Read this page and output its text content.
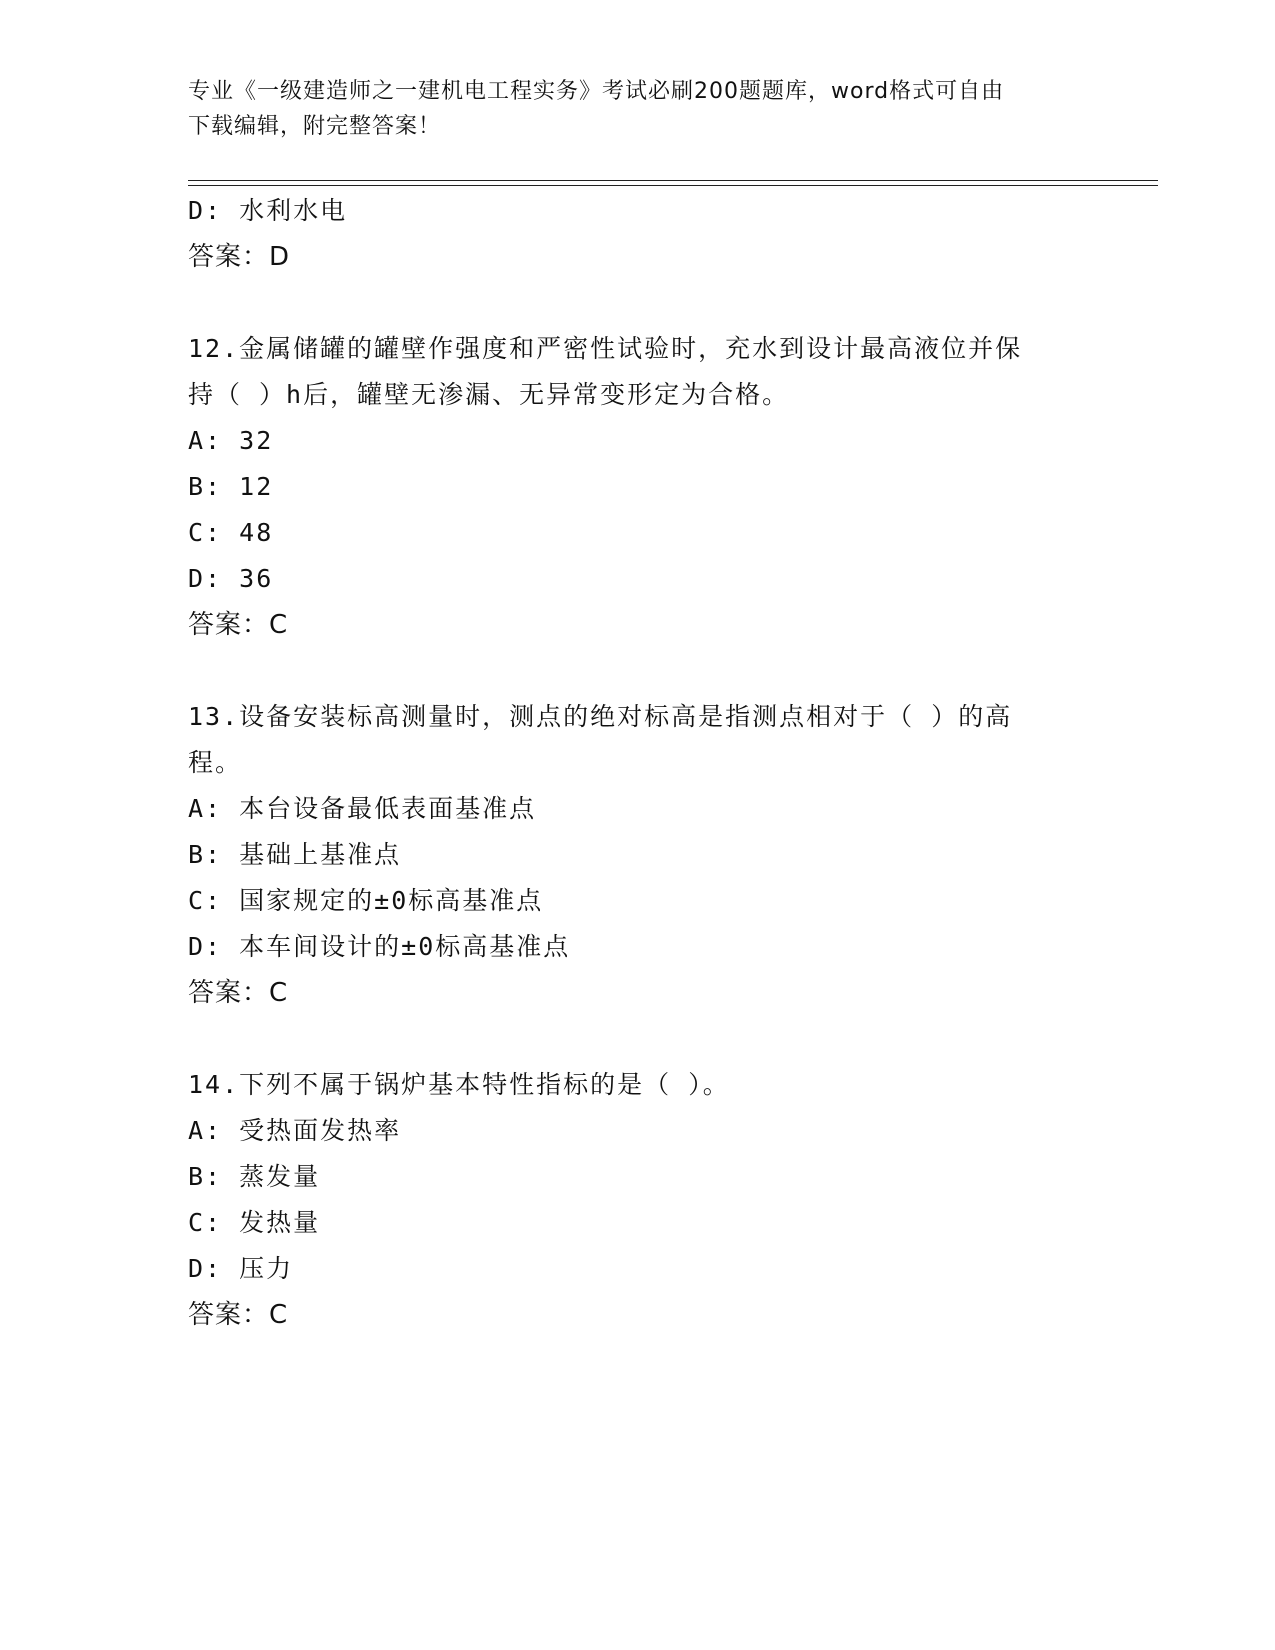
专业《一级建造师之一建机电工程实务》考试必刷200题题库，word格式可自由
下载编辑，附完整答案！
D: 水利水电
答案：D
12.金属储罐的罐壁作强度和严密性试验时，充水到设计最高液位并保
持（ ）h后，罐壁无渗漏、无异常变形定为合格。
A: 32
B: 12
C: 48
D: 36
答案：C
13.设备安装标高测量时，测点的绝对标高是指测点相对于（ ）的高
程。
A: 本台设备最低表面基准点
B: 基础上基准点
C: 国家规定的±0标高基准点
D: 本车间设计的±0标高基准点
答案：C
14.下列不属于锅炉基本特性指标的是（ ）。
A: 受热面发热率
B: 蒸发量
C: 发热量
D: 压力
答案：C
